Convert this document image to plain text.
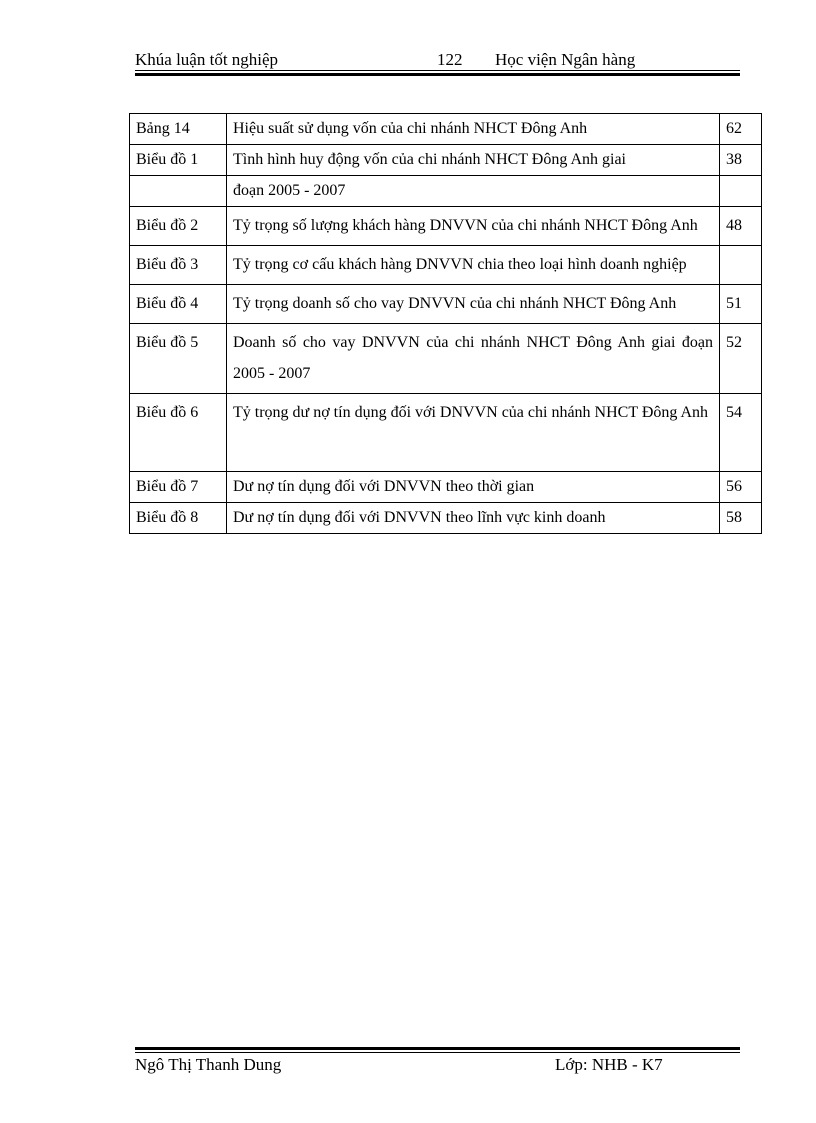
Khúa luận tốt nghiệp	122 Học viện Ngân hàng
Bảng 14	Hiệu suất sử dụng vốn của chi nhánh NHCT Đông Anh	62
Biểu đồ 1	Tình hình huy động vốn của chi nhánh NHCT Đông Anh giai	38
	đoạn 2005 - 2007	
Biểu đồ 2	Tỷ trọng số lượng khách hàng DNVVN của chi nhánh NHCT Đông Anh	48
Biểu đồ 3	Tỷ trọng cơ cấu khách hàng DNVVN chia theo loại hình doanh nghiệp	
Biểu đồ 4	Tỷ trọng doanh số cho vay DNVVN của chi nhánh NHCT Đông Anh	51
Biểu đồ 5	Doanh số cho vay DNVVN của chi nhánh NHCT Đông Anh giai đoạn 2005 - 2007	52
Biểu đồ 6	Tỷ trọng dư nợ tín dụng đối với DNVVN của chi nhánh NHCT Đông Anh	54
Biểu đồ 7	Dư nợ tín dụng đối với DNVVN theo thời gian	56
Biểu đồ 8	Dư nợ tín dụng đối với DNVVN theo lĩnh vực kinh doanh	58
Ngô Thị Thanh Dung	Lớp: NHB - K7
